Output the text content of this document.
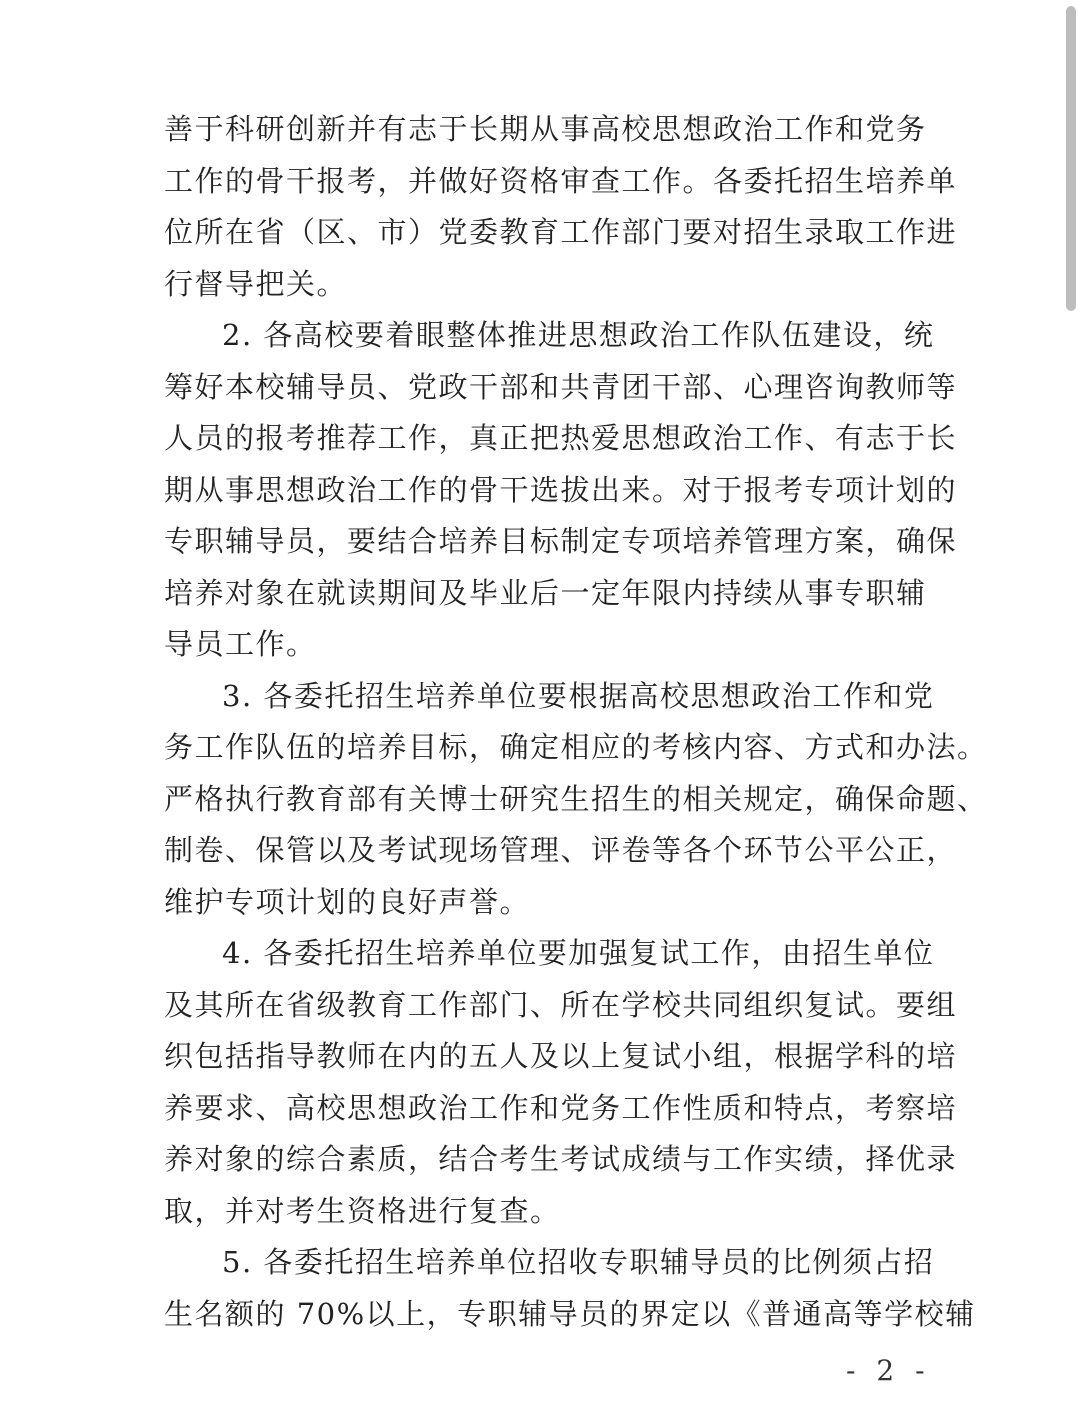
善于科研创新并有志于长期从事高校思想政治工作和党务
工作的骨干报考，并做好资格审查工作。各委托招生培养单
位所在省（区、市）党委教育工作部门要对招生录取工作进
行督导把关。
2. 各高校要着眼整体推进思想政治工作队伍建设，统
筹好本校辅导员、党政干部和共青团干部、心理咨询教师等
人员的报考推荐工作，真正把热爱思想政治工作、有志于长
期从事思想政治工作的骨干选拔出来。对于报考专项计划的
专职辅导员，要结合培养目标制定专项培养管理方案，确保
培养对象在就读期间及毕业后一定年限内持续从事专职辅
导员工作。
3. 各委托招生培养单位要根据高校思想政治工作和党
务工作队伍的培养目标，确定相应的考核内容、方式和办法。
严格执行教育部有关博士研究生招生的相关规定，确保命题、
制卷、保管以及考试现场管理、评卷等各个环节公平公正，
维护专项计划的良好声誉。
4. 各委托招生培养单位要加强复试工作，由招生单位
及其所在省级教育工作部门、所在学校共同组织复试。要组
织包括指导教师在内的五人及以上复试小组，根据学科的培
养要求、高校思想政治工作和党务工作性质和特点，考察培
养对象的综合素质，结合考生考试成绩与工作实绩，择优录
取，并对考生资格进行复查。
5. 各委托招生培养单位招收专职辅导员的比例须占招
生名额的 70%以上，专职辅导员的界定以《普通高等学校辅
- 2 -
